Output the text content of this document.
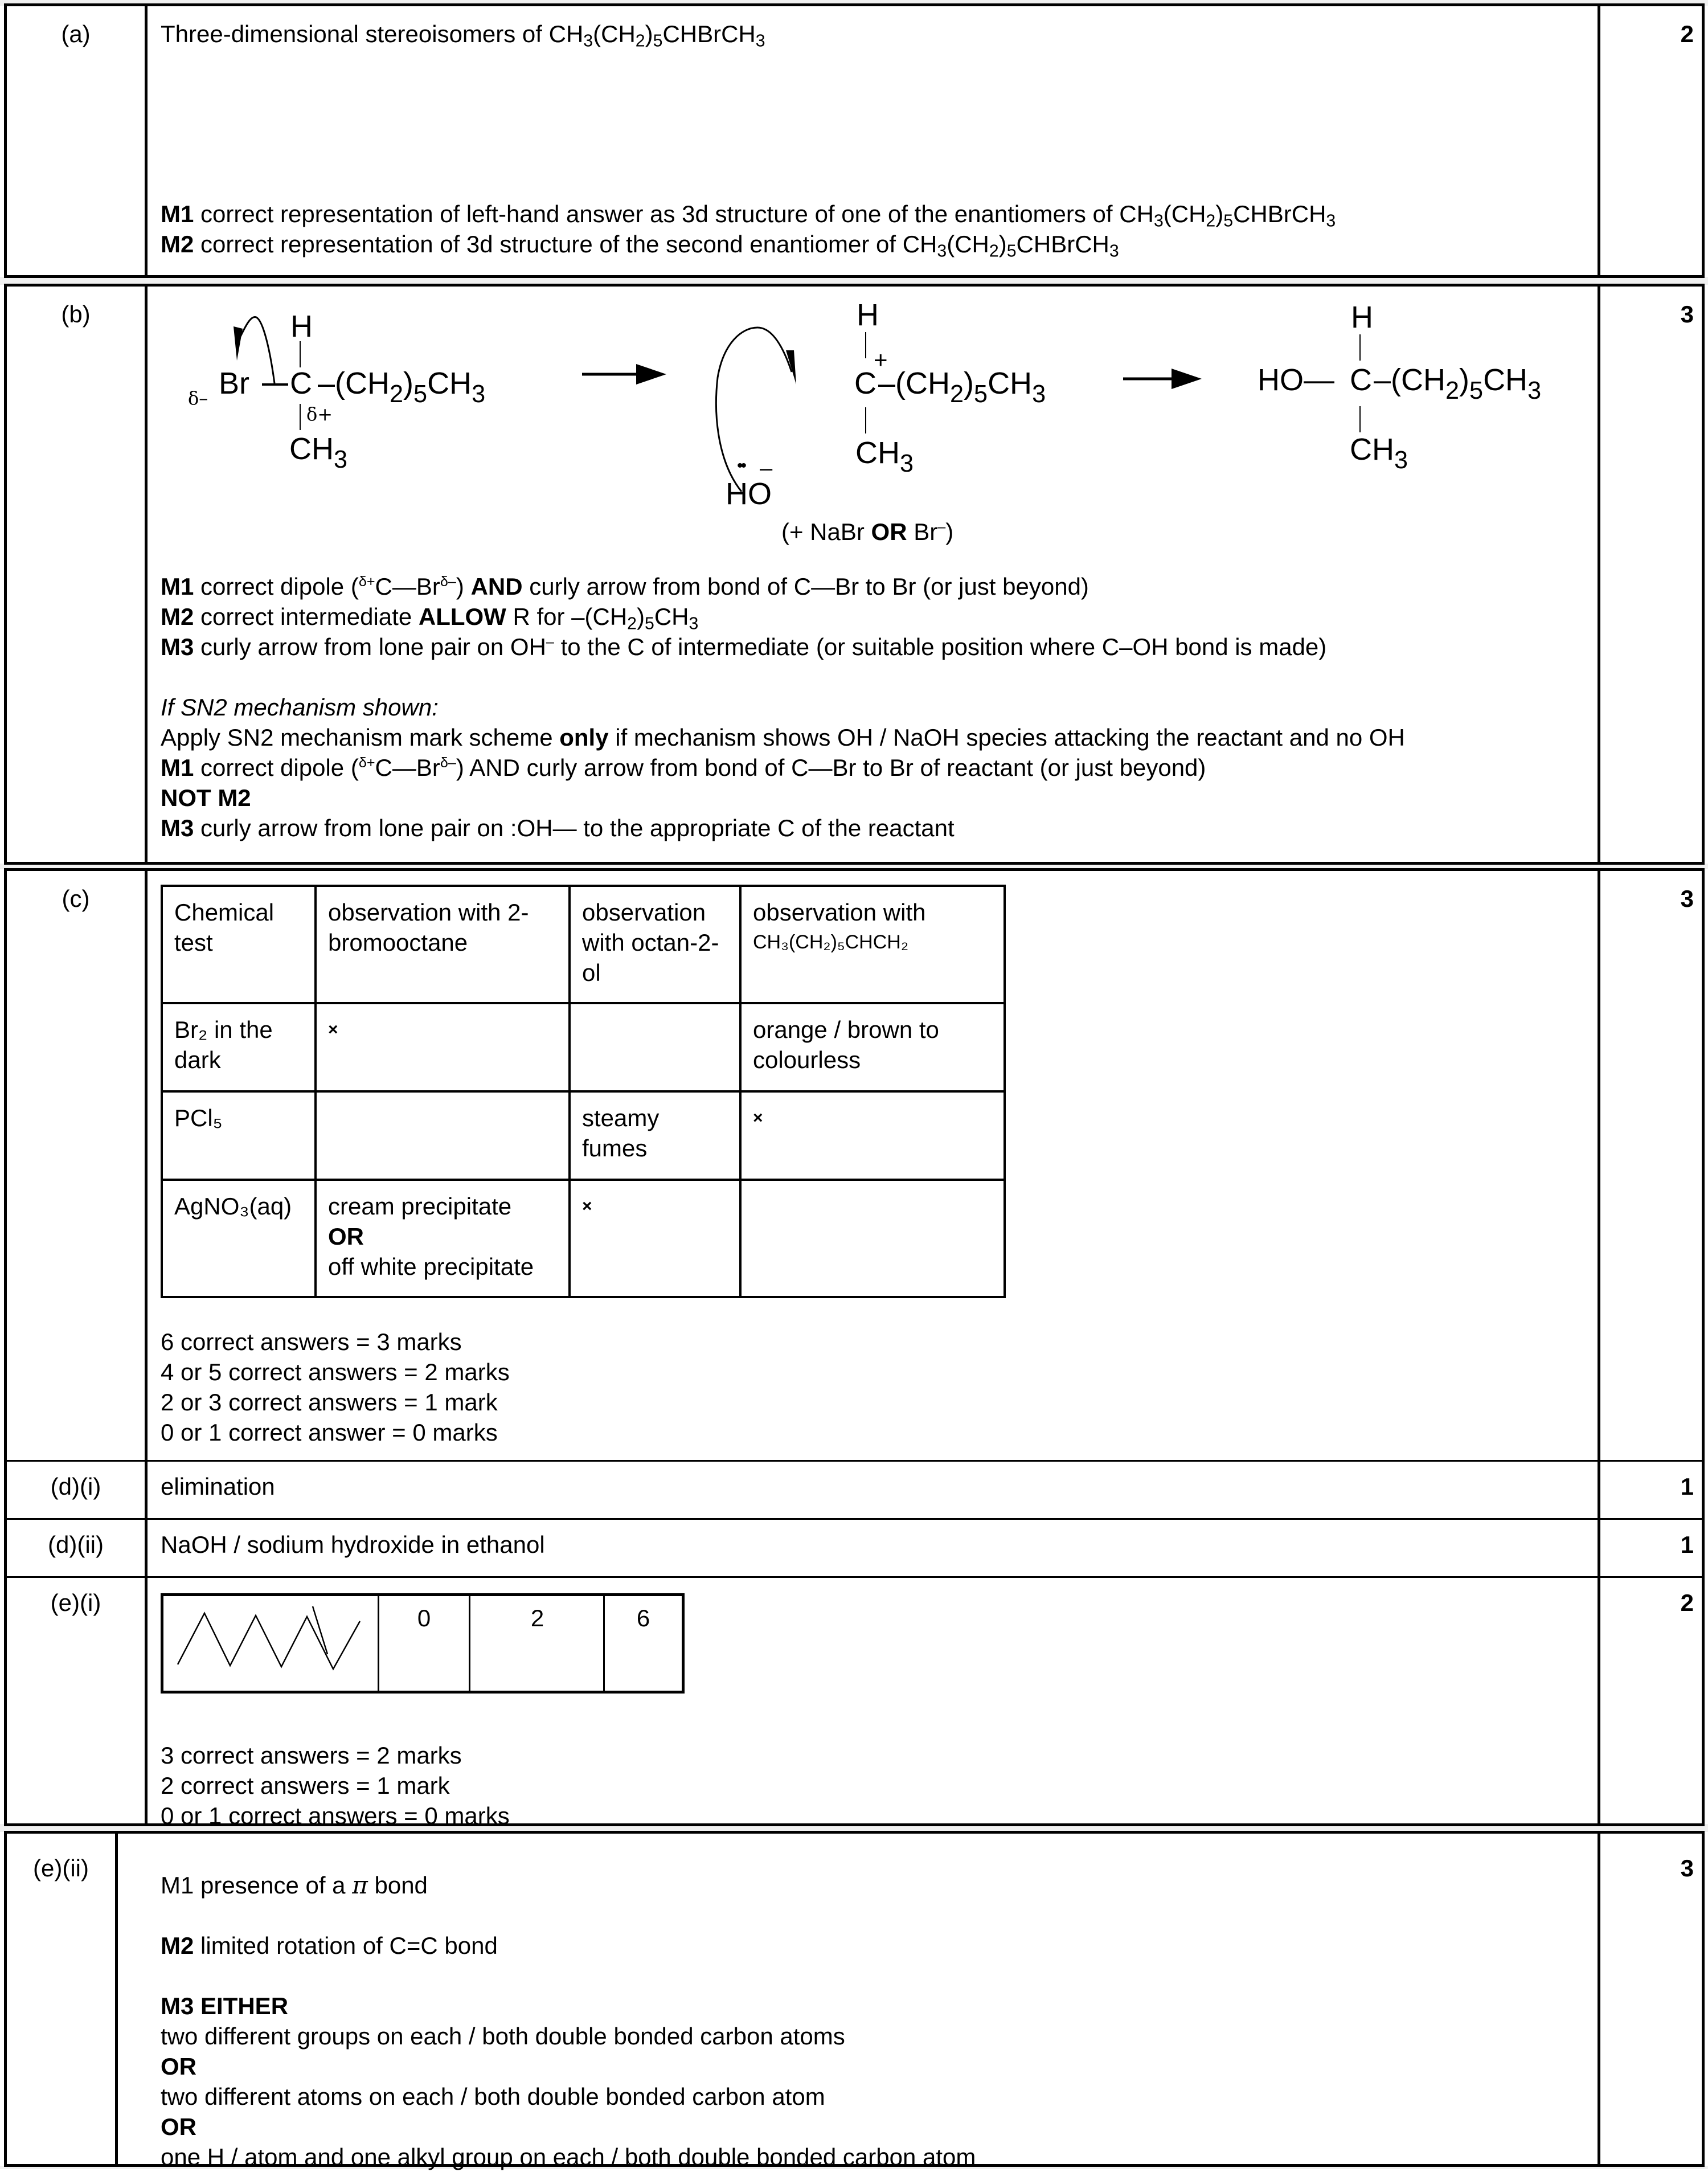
(a)	2
Three-dimensional stereoisomers of $CH_3(CH_2)_5CHBrCH_3$
M1 correct representation of left-hand answer as 3d structure of one of the enantiomers of $CH_3(CH_2)_5CHBrCH_3$
M2 correct representation of 3d structure of the second enantiomer of $CH_3(CH_2)_5CHBrCH_3$
(b)	3
δ– Br
H
C
δ+
$-(CH_2)_5CH_3$
$CH_3$
H
C
+
$-(CH_2)_5CH_3$
$CH_3$
•• –
HO
(+ NaBr OR Br–)
H
HO— C $-(CH_2)_5CH_3$
$CH_3$
M1 correct dipole $(^{\delta+}C—Br^{\delta-})$ AND curly arrow from bond of C—Br to Br (or just beyond)
M2 correct intermediate ALLOW R for $-(CH_2)_5CH_3$
M3 curly arrow from lone pair on OH– to the C of intermediate (or suitable position where C–OH bond is made)
If SN2 mechanism shown:
Apply SN2 mechanism mark scheme only if mechanism shows OH / NaOH species attacking the reactant and no OH
M1 correct dipole $(^{\delta+}C—Br^{\delta-})$ AND curly arrow from bond of C—Br to Br of reactant (or just beyond)
NOT M2
M3 curly arrow from lone pair on :OH— to the appropriate C of the reactant
(c)	3
Chemical test	observation with 2-bromooctane	observation with octan-2-ol	observation with
CH₃(CH₂)₅CHCH₂

Br₂ in the dark	×		orange / brown to colourless
PCl₅		steamy fumes	×
AgNO₃(aq)	cream precipitate
OR
off white precipitate	×	
6 correct answers = 3 marks
4 or 5 correct answers = 2 marks
2 or 3 correct answers = 1 mark
0 or 1 correct answer = 0 marks
(d)(i)	1
elimination
(d)(ii)	1
NaOH / sodium hydroxide in ethanol
(e)(i)	2
0	2	6
3 correct answers = 2 marks
2 correct answers = 1 mark
0 or 1 correct answers = 0 marks
(e)(ii)	3
M1 presence of a π bond
M2 limited rotation of C=C bond
M3 EITHER
two different groups on each / both double bonded carbon atoms
OR
two different atoms on each / both double bonded carbon atom
OR
one H / atom and one alkyl group on each / both double bonded carbon atom
